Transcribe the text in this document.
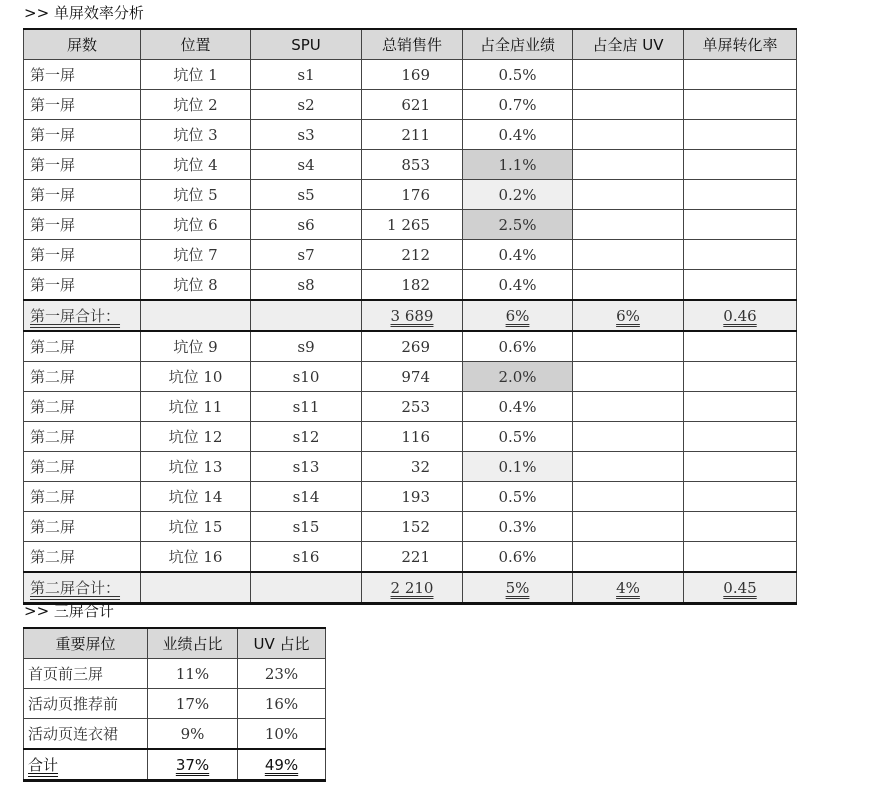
>> 单屏效率分析
屏数	位置	SPU	总销售件	占全店业绩	占全店 UV	单屏转化率
第一屏	坑位 1	s1	169	0.5%		
第一屏	坑位 2	s2	621	0.7%		
第一屏	坑位 3	s3	211	0.4%		
第一屏	坑位 4	s4	853	1.1%		
第一屏	坑位 5	s5	176	0.2%		
第一屏	坑位 6	s6	1 265	2.5%		
第一屏	坑位 7	s7	212	0.4%		
第一屏	坑位 8	s8	182	0.4%		
第一屏合计：			3 689	6%	6%	0.46
第二屏	坑位 9	s9	269	0.6%		
第二屏	坑位 10	s10	974	2.0%		
第二屏	坑位 11	s11	253	0.4%		
第二屏	坑位 12	s12	116	0.5%		
第二屏	坑位 13	s13	32	0.1%		
第二屏	坑位 14	s14	193	0.5%		
第二屏	坑位 15	s15	152	0.3%		
第二屏	坑位 16	s16	221	0.6%		
第二屏合计：			2 210	5%	4%	0.45
>> 三屏合计
重要屏位	业绩占比	UV 占比
首页前三屏	11%	23%
活动页推荐前	17%	16%
活动页连衣裙	9%	10%
合计	37%	49%
